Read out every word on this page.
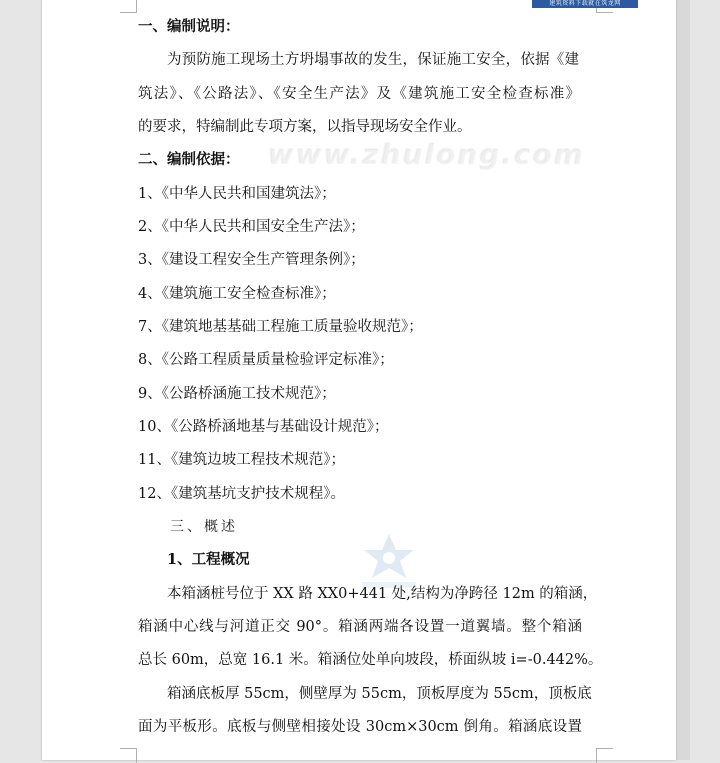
建筑资料下载就在筑龙网
www.zhulong.com
一、编制说明：
为预防施工现场土方坍塌事故的发生，保证施工安全，依据《建
筑法》、《公路法》、《安全生产法》及《建筑施工安全检查标准》
的要求，特编制此专项方案，以指导现场安全作业。
二、编制依据：
1、《中华人民共和国建筑法》；
2、《中华人民共和国安全生产法》；
3、《建设工程安全生产管理条例》；
4、《建筑施工安全检查标准》；
7、《建筑地基基础工程施工质量验收规范》；
8、《公路工程质量质量检验评定标准》；
9、《公路桥涵施工技术规范》；
10、《公路桥涵地基与基础设计规范》；
11、《建筑边坡工程技术规范》；
12、《建筑基坑支护技术规程》。
三、概述
1、工程概况
本箱涵桩号位于 XX 路 XX0+441 处,结构为净跨径 12m 的箱涵，
箱涵中心线与河道正交 90°。箱涵两端各设置一道翼墙。整个箱涵
总长 60m，总宽 16.1 米。箱涵位处单向坡段，桥面纵坡 i=-0.442%。
箱涵底板厚 55cm，侧壁厚为 55cm，顶板厚度为 55cm，顶板底
面为平板形。底板与侧壁相接处设 30cm×30cm 倒角。箱涵底设置
